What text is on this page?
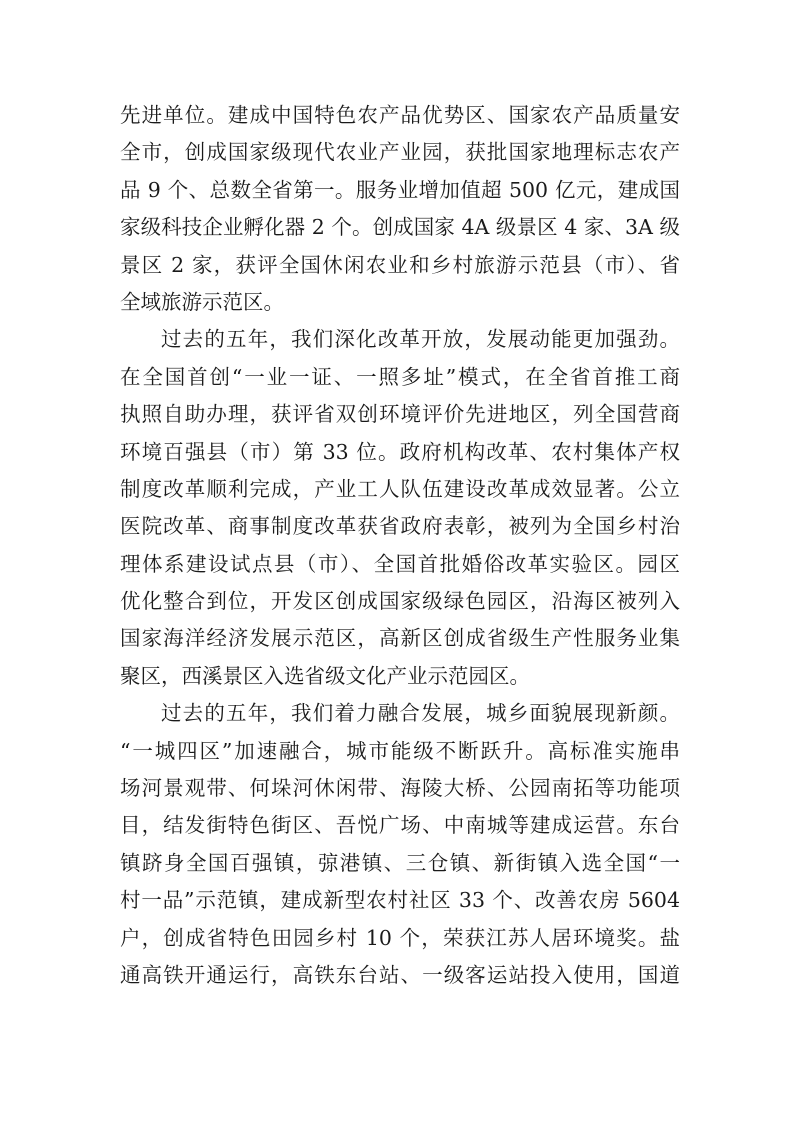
先进单位。建成中国特色农产品优势区、国家农产品质量安
全市，创成国家级现代农业产业园，获批国家地理标志农产
品 9 个、总数全省第一。服务业增加值超 500 亿元，建成国
家级科技企业孵化器 2 个。创成国家 4A 级景区 4 家、3A 级
景区 2 家，获评全国休闲农业和乡村旅游示范县（市）、省
全域旅游示范区。
过去的五年，我们深化改革开放，发展动能更加强劲。
在全国首创“一业一证、一照多址”模式，在全省首推工商
执照自助办理，获评省双创环境评价先进地区，列全国营商
环境百强县（市）第 33 位。政府机构改革、农村集体产权
制度改革顺利完成，产业工人队伍建设改革成效显著。公立
医院改革、商事制度改革获省政府表彰，被列为全国乡村治
理体系建设试点县（市）、全国首批婚俗改革实验区。园区
优化整合到位，开发区创成国家级绿色园区，沿海区被列入
国家海洋经济发展示范区，高新区创成省级生产性服务业集
聚区，西溪景区入选省级文化产业示范园区。
过去的五年，我们着力融合发展，城乡面貌展现新颜。
“一城四区”加速融合，城市能级不断跃升。高标准实施串
场河景观带、何垛河休闲带、海陵大桥、公园南拓等功能项
目，结发街特色街区、吾悦广场、中南城等建成运营。东台
镇跻身全国百强镇，弶港镇、三仓镇、新街镇入选全国“一
村一品”示范镇，建成新型农村社区 33 个、改善农房 5604
户，创成省特色田园乡村 10 个，荣获江苏人居环境奖。盐
通高铁开通运行，高铁东台站、一级客运站投入使用，国道
